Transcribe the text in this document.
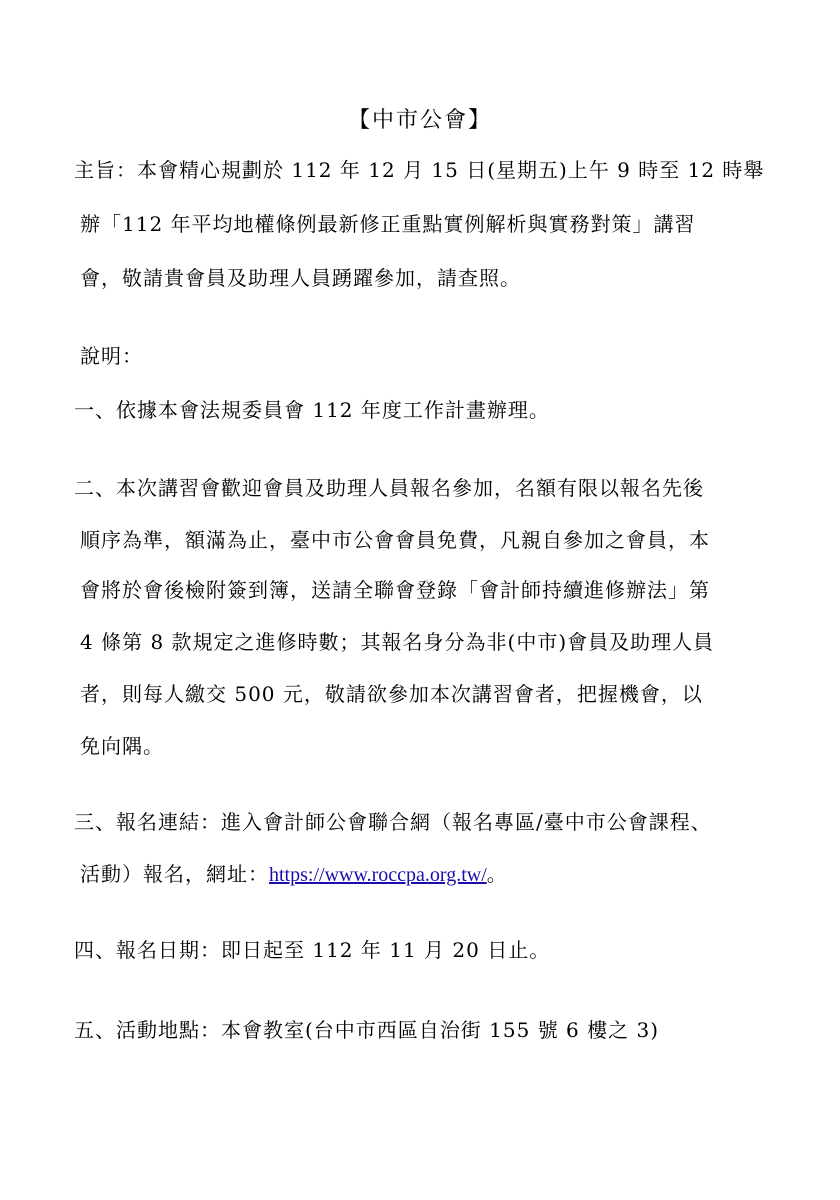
【中市公會】
主旨：本會精心規劃於 112 年 12 月 15 日(星期五)上午 9 時至 12 時舉
辦「112 年平均地權條例最新修正重點實例解析與實務對策」講習
會，敬請貴會員及助理人員踴躍參加，請查照。
說明：
一、依據本會法規委員會 112 年度工作計畫辦理。
二、本次講習會歡迎會員及助理人員報名參加，名額有限以報名先後
順序為準，額滿為止，臺中市公會會員免費，凡親自參加之會員，本
會將於會後檢附簽到簿，送請全聯會登錄「會計師持續進修辦法」第
4 條第 8 款規定之進修時數；其報名身分為非(中市)會員及助理人員
者，則每人繳交 500 元，敬請欲參加本次講習會者，把握機會，以
免向隅。
三、報名連結：進入會計師公會聯合網（報名專區/臺中市公會課程、
活動）報名，網址：https://www.roccpa.org.tw/。
四、報名日期：即日起至 112 年 11 月 20 日止。
五、活動地點：本會教室(台中市西區自治街 155 號 6 樓之 3)
